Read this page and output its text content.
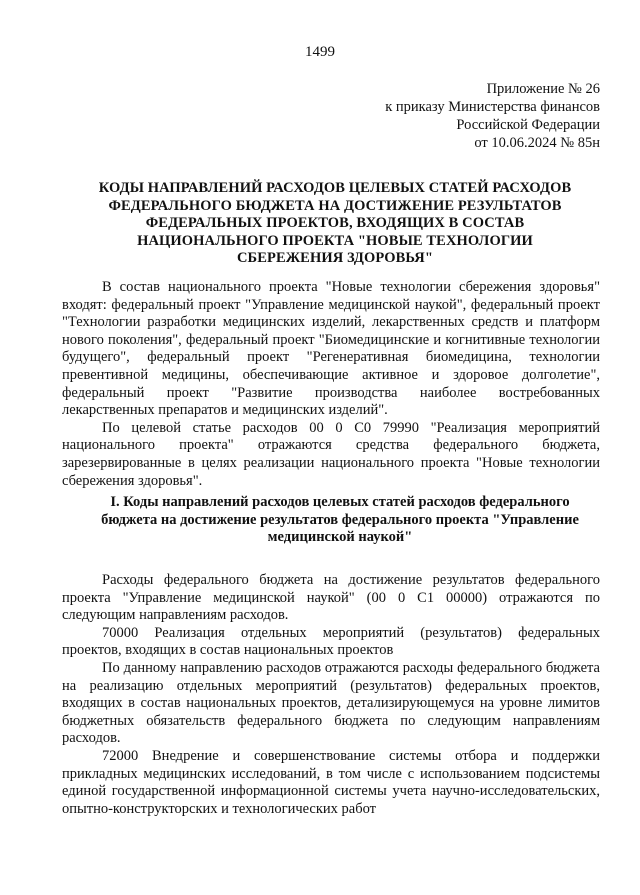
1499
Приложение № 26
к приказу Министерства финансов
Российской Федерации
от 10.06.2024 № 85н
КОДЫ НАПРАВЛЕНИЙ РАСХОДОВ ЦЕЛЕВЫХ СТАТЕЙ РАСХОДОВ
ФЕДЕРАЛЬНОГО БЮДЖЕТА НА ДОСТИЖЕНИЕ РЕЗУЛЬТАТОВ
ФЕДЕРАЛЬНЫХ ПРОЕКТОВ, ВХОДЯЩИХ В СОСТАВ
НАЦИОНАЛЬНОГО ПРОЕКТА "НОВЫЕ ТЕХНОЛОГИИ
СБЕРЕЖЕНИЯ ЗДОРОВЬЯ"

В состав национального проекта "Новые технологии сбережения здоровья" входят: федеральный проект "Управление медицинской наукой", федеральный проект "Технологии разработки медицинских изделий, лекарственных средств и платформ нового поколения", федеральный проект "Биомедицинские и когнитивные технологии будущего", федеральный проект "Регенеративная биомедицина, технологии превентивной медицины, обеспечивающие активное и здоровое долголетие", федеральный проект "Развитие производства наиболее востребованных лекарственных препаратов и медицинских изделий".

По целевой статье расходов 00 0 С0 79990 "Реализация мероприятий национального проекта" отражаются средства федерального бюджета, зарезервированные в целях реализации национального проекта "Новые технологии сбережения здоровья".

I. Коды направлений расходов целевых статей расходов федерального
бюджета на достижение результатов федерального проекта "Управление
медицинской наукой"

Расходы федерального бюджета на достижение результатов федерального проекта "Управление медицинской наукой" (00 0 С1 00000) отражаются по следующим направлениям расходов.

70000 Реализация отдельных мероприятий (результатов) федеральных проектов, входящих в состав национальных проектов

По данному направлению расходов отражаются расходы федерального бюджета на реализацию отдельных мероприятий (результатов) федеральных проектов, входящих в состав национальных проектов, детализирующемуся на уровне лимитов бюджетных обязательств федерального бюджета по следующим направлениям расходов.

72000 Внедрение и совершенствование системы отбора и поддержки прикладных медицинских исследований, в том числе с использованием подсистемы единой государственной информационной системы учета научно-исследовательских, опытно-конструкторских и технологических работ
